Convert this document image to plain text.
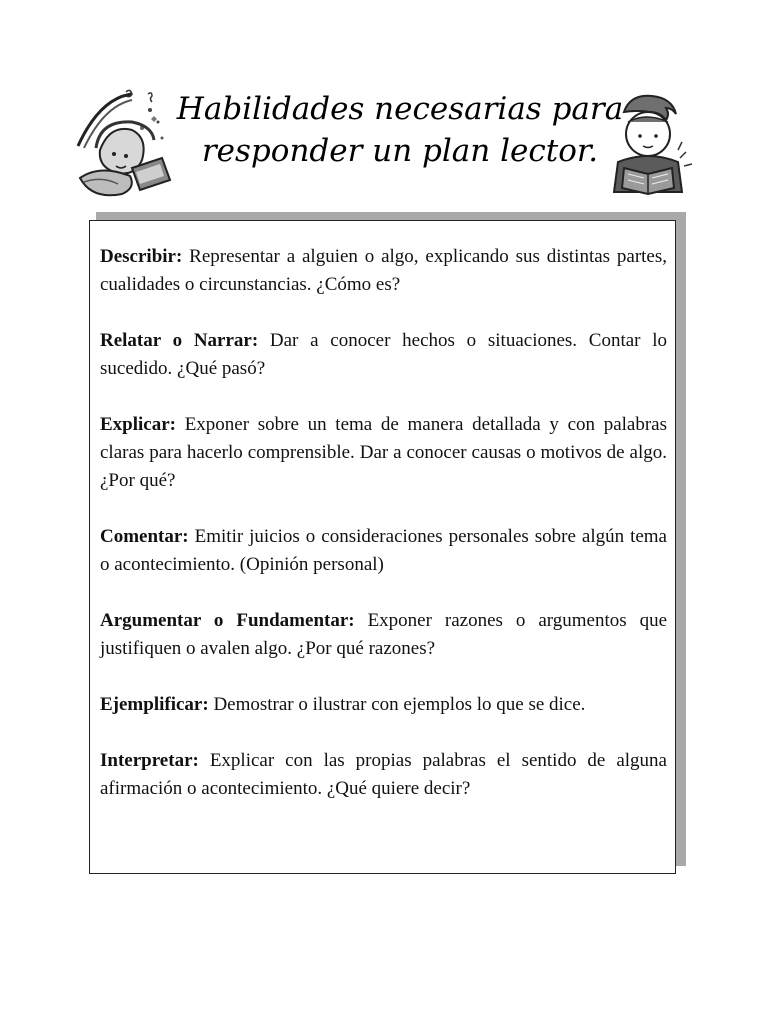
Habilidades necesarias para
responder un plan lector.

Describir: Representar a alguien o algo, explicando sus distintas partes, cualidades o circunstancias. ¿Cómo es?

Relatar o Narrar: Dar a conocer hechos o situaciones. Contar lo sucedido. ¿Qué pasó?

Explicar: Exponer sobre un tema de manera detallada y con palabras claras para hacerlo comprensible. Dar a conocer causas o motivos de algo. ¿Por qué?

Comentar: Emitir juicios o consideraciones personales sobre algún tema o acontecimiento. (Opinión personal)

Argumentar o Fundamentar: Exponer razones o argumentos que justifiquen o avalen algo. ¿Por qué razones?

Ejemplificar: Demostrar o ilustrar con ejemplos lo que se dice.

Interpretar: Explicar con las propias palabras el sentido de alguna afirmación o acontecimiento. ¿Qué quiere decir?
